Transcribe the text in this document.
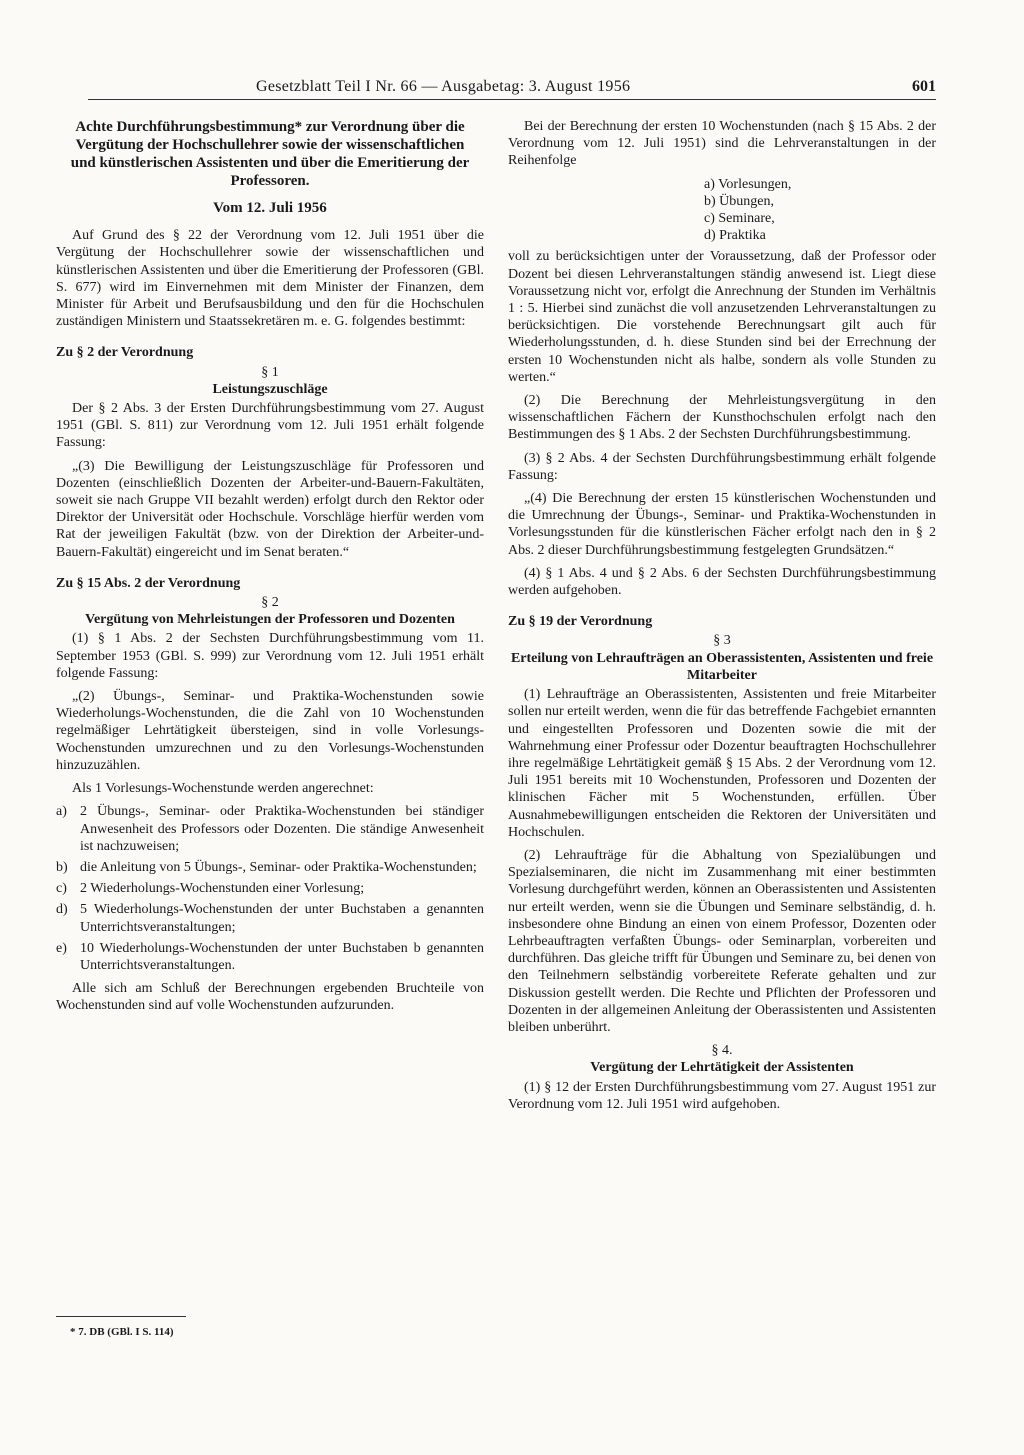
Gesetzblatt Teil I Nr. 66 — Ausgabetag: 3. August 1956	601
Achte Durchführungsbestimmung* zur Verordnung über die Vergütung der Hochschullehrer sowie der wissenschaftlichen und künstlerischen Assistenten und über die Emeritierung der Professoren.
Vom 12. Juli 1956

Auf Grund des § 22 der Verordnung vom 12. Juli 1951 über die Vergütung der Hochschullehrer sowie der wissenschaftlichen und künstlerischen Assistenten und über die Emeritierung der Professoren (GBl. S. 677) wird im Einvernehmen mit dem Minister der Finanzen, dem Minister für Arbeit und Berufsausbildung und den für die Hochschulen zuständigen Ministern und Staatssekretären m. e. G. folgendes bestimmt:

Zu § 2 der Verordnung
§ 1
Leistungszuschläge

Der § 2 Abs. 3 der Ersten Durchführungsbestimmung vom 27. August 1951 (GBl. S. 811) zur Verordnung vom 12. Juli 1951 erhält folgende Fassung:

„(3) Die Bewilligung der Leistungszuschläge für Professoren und Dozenten (einschließlich Dozenten der Arbeiter-und-Bauern-Fakultäten, soweit sie nach Gruppe VII bezahlt werden) erfolgt durch den Rektor oder Direktor der Universität oder Hochschule. Vorschläge hierfür werden vom Rat der jeweiligen Fakultät (bzw. von der Direktion der Arbeiter-und-Bauern-Fakultät) eingereicht und im Senat beraten.“

Zu § 15 Abs. 2 der Verordnung
§ 2
Vergütung von Mehrleistungen der Professoren und Dozenten

(1) § 1 Abs. 2 der Sechsten Durchführungsbestimmung vom 11. September 1953 (GBl. S. 999) zur Verordnung vom 12. Juli 1951 erhält folgende Fassung:

„(2) Übungs-, Seminar- und Praktika-Wochenstunden sowie Wiederholungs-Wochenstunden, die die Zahl von 10 Wochenstunden regelmäßiger Lehrtätigkeit übersteigen, sind in volle Vorlesungs-Wochenstunden umzurechnen und zu den Vorlesungs-Wochenstunden hinzuzuzählen.

Als 1 Vorlesungs-Wochenstunde werden angerechnet:

a) 2 Übungs-, Seminar- oder Praktika-Wochenstunden bei ständiger Anwesenheit des Professors oder Dozenten. Die ständige Anwesenheit ist nachzuweisen;
b) die Anleitung von 5 Übungs-, Seminar- oder Praktika-Wochenstunden;
c) 2 Wiederholungs-Wochenstunden einer Vorlesung;
d) 5 Wiederholungs-Wochenstunden der unter Buchstaben a genannten Unterrichtsveranstaltungen;
e) 10 Wiederholungs-Wochenstunden der unter Buchstaben b genannten Unterrichtsveranstaltungen.

Alle sich am Schluß der Berechnungen ergebenden Bruchteile von Wochenstunden sind auf volle Wochenstunden aufzurunden.

* 7. DB (GBl. I S. 114)

Bei der Berechnung der ersten 10 Wochenstunden (nach § 15 Abs. 2 der Verordnung vom 12. Juli 1951) sind die Lehrveranstaltungen in der Reihenfolge

a) Vorlesungen,
b) Übungen,
c) Seminare,
d) Praktika

voll zu berücksichtigen unter der Voraussetzung, daß der Professor oder Dozent bei diesen Lehrveranstaltungen ständig anwesend ist. Liegt diese Voraussetzung nicht vor, erfolgt die Anrechnung der Stunden im Verhältnis 1 : 5. Hierbei sind zunächst die voll anzusetzenden Lehrveranstaltungen zu berücksichtigen. Die vorstehende Berechnungsart gilt auch für Wiederholungsstunden, d. h. diese Stunden sind bei der Errechnung der ersten 10 Wochenstunden nicht als halbe, sondern als volle Stunden zu werten.“

(2) Die Berechnung der Mehrleistungsvergütung in den wissenschaftlichen Fächern der Kunsthochschulen erfolgt nach den Bestimmungen des § 1 Abs. 2 der Sechsten Durchführungsbestimmung.

(3) § 2 Abs. 4 der Sechsten Durchführungsbestimmung erhält folgende Fassung:

„(4) Die Berechnung der ersten 15 künstlerischen Wochenstunden und die Umrechnung der Übungs-, Seminar- und Praktika-Wochenstunden in Vorlesungsstunden für die künstlerischen Fächer erfolgt nach den in § 2 Abs. 2 dieser Durchführungsbestimmung festgelegten Grundsätzen.“

(4) § 1 Abs. 4 und § 2 Abs. 6 der Sechsten Durchführungsbestimmung werden aufgehoben.

Zu § 19 der Verordnung
§ 3
Erteilung von Lehraufträgen an Oberassistenten, Assistenten und freie Mitarbeiter

(1) Lehraufträge an Oberassistenten, Assistenten und freie Mitarbeiter sollen nur erteilt werden, wenn die für das betreffende Fachgebiet ernannten und eingestellten Professoren und Dozenten sowie die mit der Wahrnehmung einer Professur oder Dozentur beauftragten Hochschullehrer ihre regelmäßige Lehrtätigkeit gemäß § 15 Abs. 2 der Verordnung vom 12. Juli 1951 bereits mit 10 Wochenstunden, Professoren und Dozenten der klinischen Fächer mit 5 Wochenstunden, erfüllen. Über Ausnahmebewilligungen entscheiden die Rektoren der Universitäten und Hochschulen.

(2) Lehraufträge für die Abhaltung von Spezialübungen und Spezialseminaren, die nicht im Zusammenhang mit einer bestimmten Vorlesung durchgeführt werden, können an Oberassistenten und Assistenten nur erteilt werden, wenn sie die Übungen und Seminare selbständig, d. h. insbesondere ohne Bindung an einen von einem Professor, Dozenten oder Lehrbeauftragten verfaßten Übungs- oder Seminarplan, vorbereiten und durchführen. Das gleiche trifft für Übungen und Seminare zu, bei denen von den Teilnehmern selbständig vorbereitete Referate gehalten und zur Diskussion gestellt werden. Die Rechte und Pflichten der Professoren und Dozenten in der allgemeinen Anleitung der Oberassistenten und Assistenten bleiben unberührt.

§ 4.
Vergütung der Lehrtätigkeit der Assistenten

(1) § 12 der Ersten Durchführungsbestimmung vom 27. August 1951 zur Verordnung vom 12. Juli 1951 wird aufgehoben.
